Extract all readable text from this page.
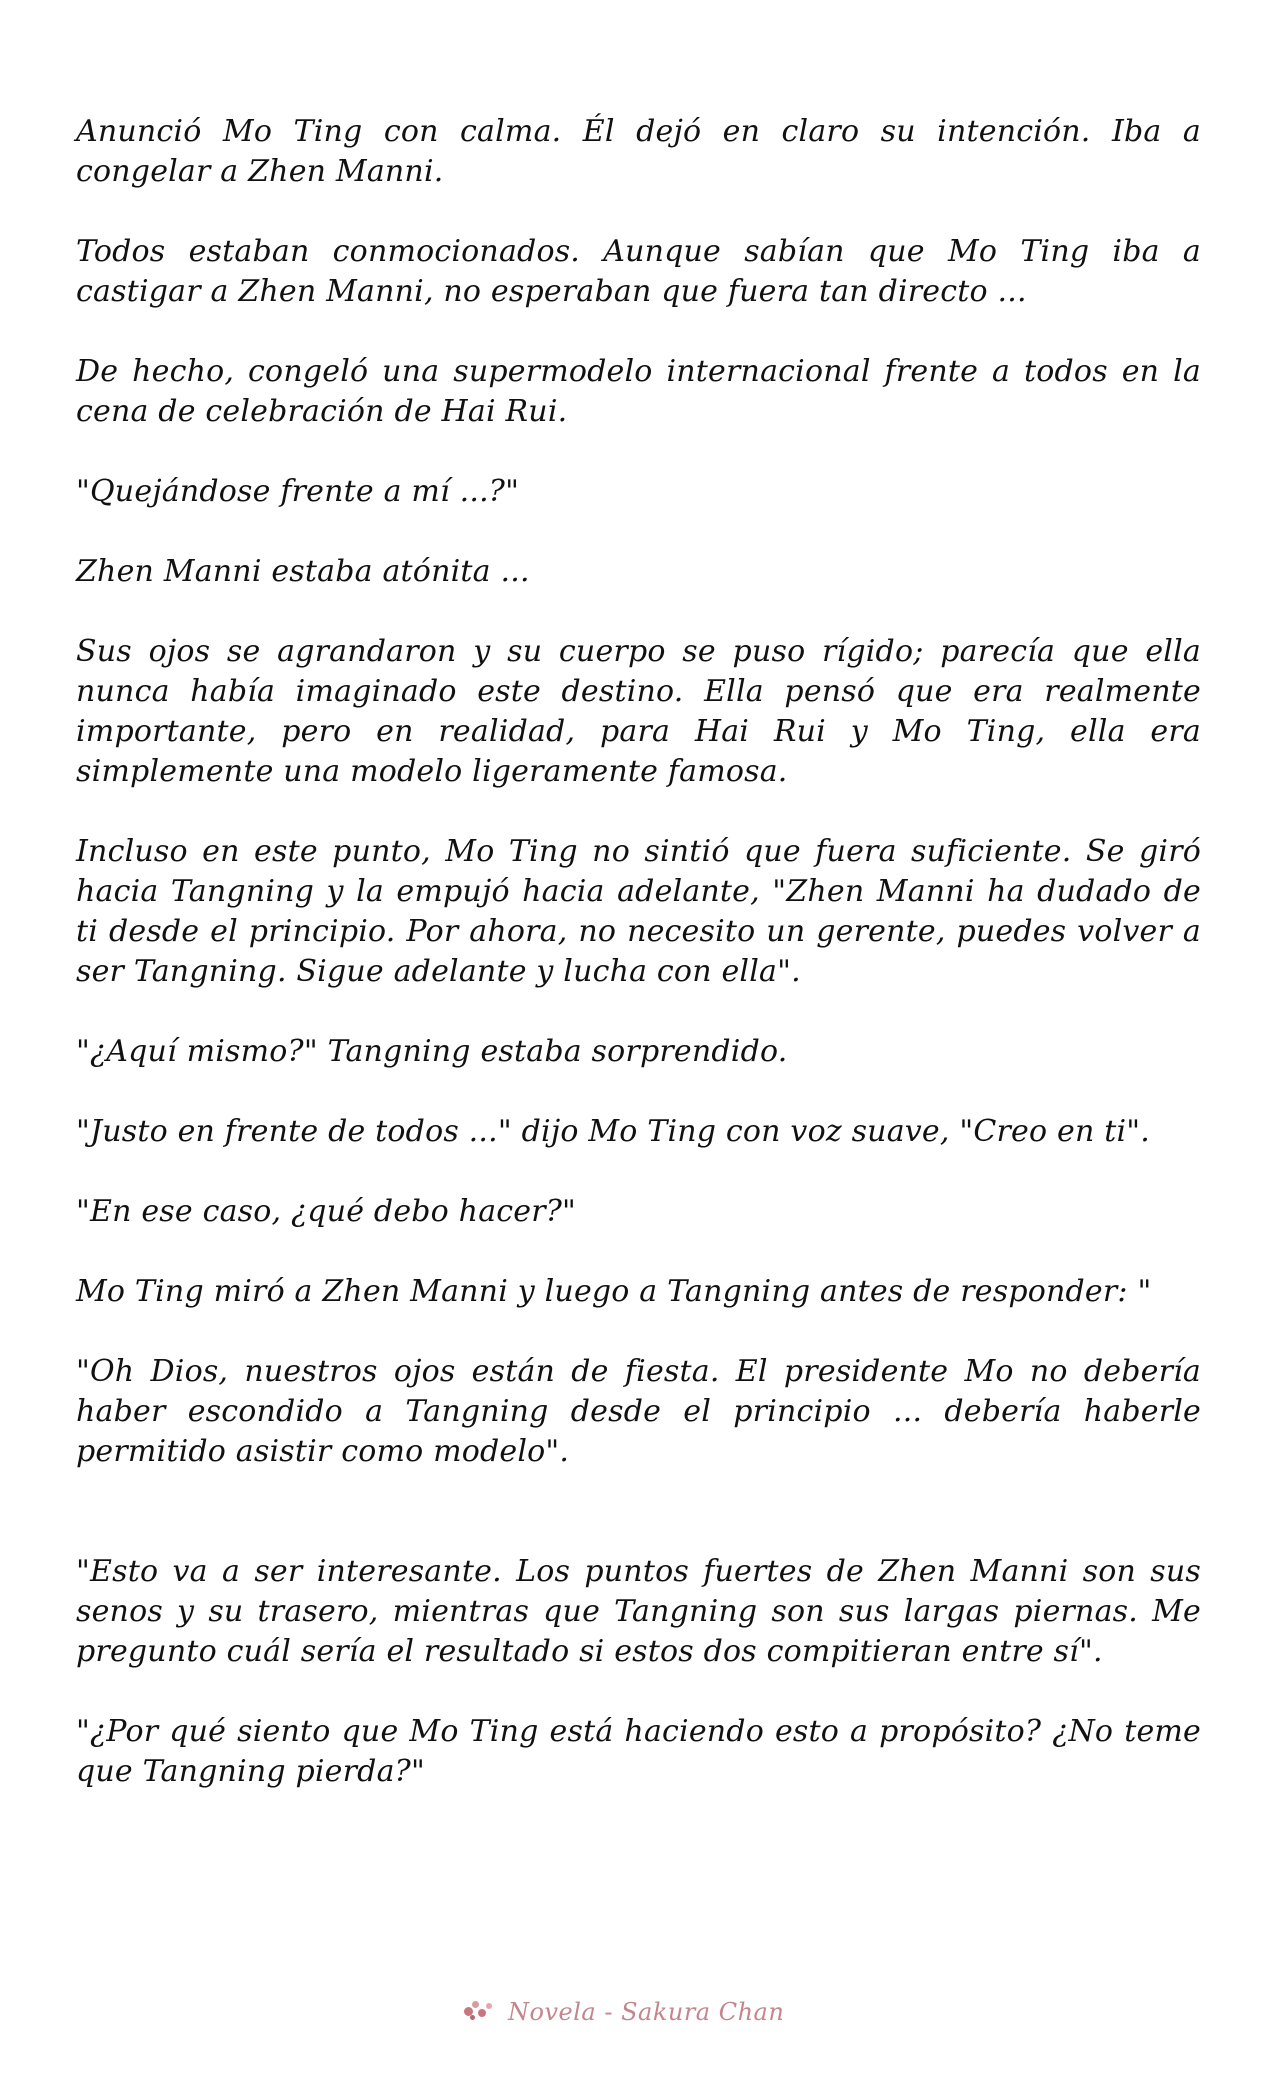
Anunció Mo Ting con calma. Él dejó en claro su intención. Iba a congelar a Zhen Manni.

Todos estaban conmocionados. Aunque sabían que Mo Ting iba a castigar a Zhen Manni, no esperaban que fuera tan directo ...

De hecho, congeló una supermodelo internacional frente a todos en la cena de celebración de Hai Rui.

"Quejándose frente a mí ...?"

Zhen Manni estaba atónita ...

Sus ojos se agrandaron y su cuerpo se puso rígido; parecía que ella nunca había imaginado este destino. Ella pensó que era realmente importante, pero en realidad, para Hai Rui y Mo Ting, ella era simplemente una modelo ligeramente famosa.

Incluso en este punto, Mo Ting no sintió que fuera suficiente. Se giró hacia Tangning y la empujó hacia adelante, "Zhen Manni ha dudado de ti desde el principio. Por ahora, no necesito un gerente, puedes volver a ser Tangning. Sigue adelante y lucha con ella".

"¿Aquí mismo?" Tangning estaba sorprendido.

"Justo en frente de todos ..." dijo Mo Ting con voz suave, "Creo en ti".

"En ese caso, ¿qué debo hacer?"

Mo Ting miró a Zhen Manni y luego a Tangning antes de responder: "

"Oh Dios, nuestros ojos están de fiesta. El presidente Mo no debería haber escondido a Tangning desde el principio ... debería haberle permitido asistir como modelo".

"Esto va a ser interesante. Los puntos fuertes de Zhen Manni son sus senos y su trasero, mientras que Tangning son sus largas piernas. Me pregunto cuál sería el resultado si estos dos compitieran entre sí".

"¿Por qué siento que Mo Ting está haciendo esto a propósito? ¿No teme que Tangning pierda?"

Novela - Sakura Chan
